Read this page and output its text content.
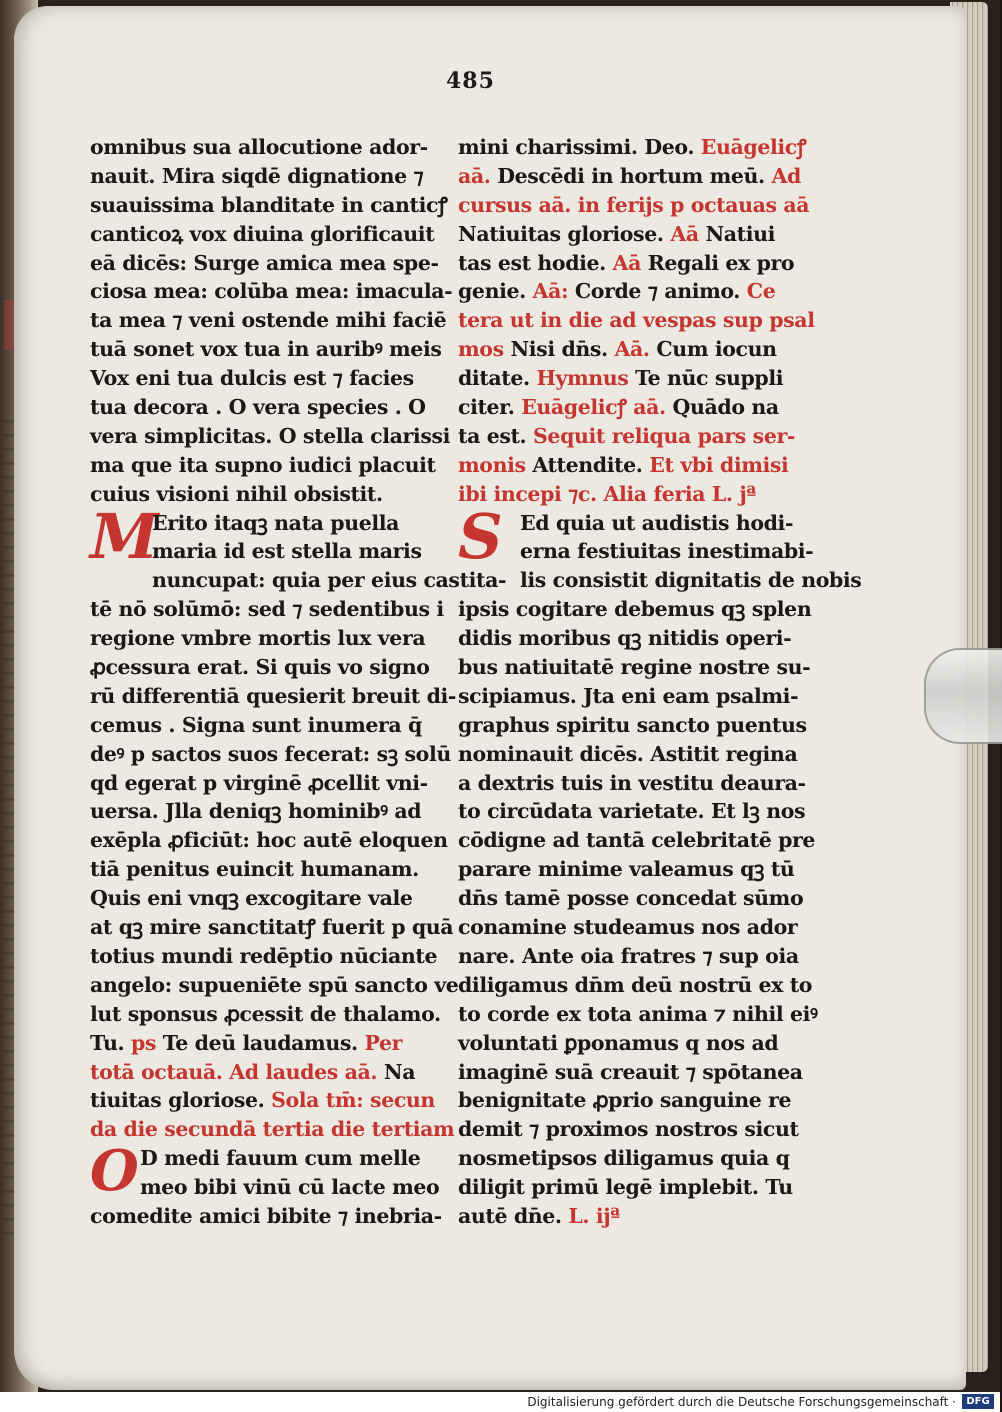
485
omnibus sua allocutione ador-
nauit. Mira siqdē dignatione ⁊
suauissima blanditate in canticꝭ
canticoꝝ vox diuina glorificauit
eā dicēs: Surge amica mea spe-
ciosa mea: colūba mea: imacula-
ta mea ⁊ veni ostende mihi faciē
tuā sonet vox tua in auribꝰ meis
Vox eni tua dulcis est ⁊ facies
tua decora . O vera species . O
vera simplicitas. O stella clarissi
ma que ita supno iudici placuit
cuius visioni nihil obsistit.
M
Erito itaqꝫ nata puella
maria id est stella maris
nuncupat: quia per eius castita-
tē nō solūmō: sed ⁊ sedentibus i
regione vmbre mortis lux vera
ꝓcessura erat. Si quis vo signo
rū differentiā quesierit breuit di-
cemus . Signa sunt inumera q̄
deꝰ p sactos suos fecerat: sꝫ solū
qd egerat p virginē ꝓcellit vni-
uersa. Jlla deniqꝫ hominibꝰ ad
exēpla ꝓficiūt: hoc autē eloquen
tiā penitus euincit humanam.
Quis eni vnqꝫ excogitare vale
at qꝫ mire sanctitatꝭ fuerit p quā
totius mundi redēptio nūciante
angelo: supueniēte spū sancto ve
lut sponsus ꝓcessit de thalamo.
Tu. ps Te deū laudamus. Per
totā octauā. Ad laudes aā. Na
tiuitas gloriose. Sola tm̄: secun
da die secundā tertia die tertiam
O D medi fauum cum melle
meo bibi vinū cū lacte meo
comedite amici bibite ⁊ inebria-
mini charissimi. Deo. Euāgelicꝭ
aā. Descēdi in hortum meū. Ad
cursus aā. in ferijs p octauas aā
Natiuitas gloriose. Aā Natiui
tas est hodie. Aā Regali ex pro
genie. Aā: Corde ⁊ animo. Ce
tera ut in die ad vespas sup psal
mos Nisi dn̄s. Aā. Cum iocun
ditate. Hymnus Te nūc suppli
citer. Euāgelicꝭ aā. Quādo na
ta est. Sequit reliqua pars ser-
monis Attendite. Et vbi dimisi
ibi incepi ⁊c. Alia feria L. jª
S Ed quia ut audistis hodi-
erna festiuitas inestimabi-
lis consistit dignitatis de nobis
ipsis cogitare debemus qꝫ splen
didis moribus qꝫ nitidis operi-
bus natiuitatē regine nostre su-
scipiamus. Jta eni eam psalmi-
graphus spiritu sancto puentus
nominauit dicēs. Astitit regina
a dextris tuis in vestitu deaura-
to circūdata varietate. Et lꝫ nos
cōdigne ad tantā celebritatē pre
parare minime valeamus qꝫ tū
dn̄s tamē posse concedat sūmo
conamine studeamus nos ador
nare. Ante oia fratres ⁊ sup oia
diligamus dn̄m deū nostrū ex to
to corde ex tota anima ⁊ nihil eiꝰ
voluntati ꝑponamus q nos ad
imaginē suā creauit ⁊ spōtanea
benignitate ꝓprio sanguine re
demit ⁊ proximos nostros sicut
nosmetipsos diligamus quia q
diligit primū legē implebit. Tu
autē dn̄e. L. ijª
Digitalisierung gefördert durch die Deutsche Forschungsgemeinschaft ·	DFG
